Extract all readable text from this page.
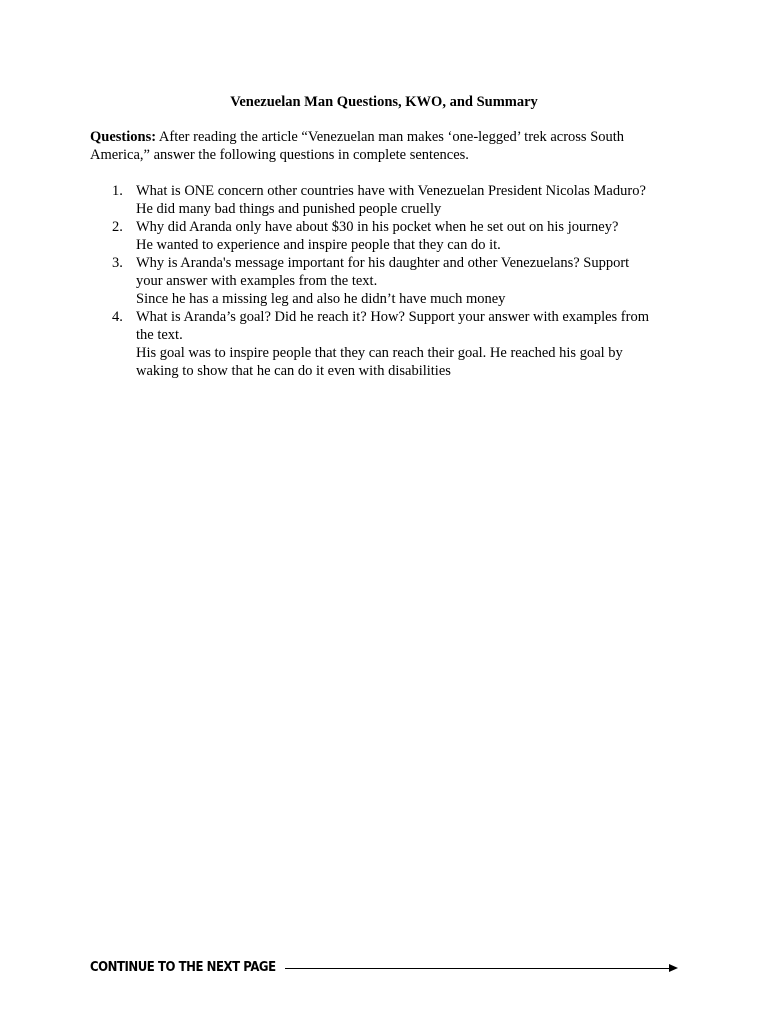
Venezuelan Man Questions, KWO, and Summary
Questions: After reading the article “Venezuelan man makes ‘one-legged’ trek across South
America,” answer the following questions in complete sentences.
1. What is ONE concern other countries have with Venezuelan President Nicolas Maduro?
He did many bad things and punished people cruelly
2. Why did Aranda only have about $30 in his pocket when he set out on his journey?
He wanted to experience and inspire people that they can do it.
3. Why is Aranda's message important for his daughter and other Venezuelans? Support
your answer with examples from the text.
Since he has a missing leg and also he didn’t have much money
4. What is Aranda’s goal? Did he reach it? How? Support your answer with examples from
the text.
His goal was to inspire people that they can reach their goal. He reached his goal by
waking to show that he can do it even with disabilities
CONTINUE TO THE NEXT PAGE
